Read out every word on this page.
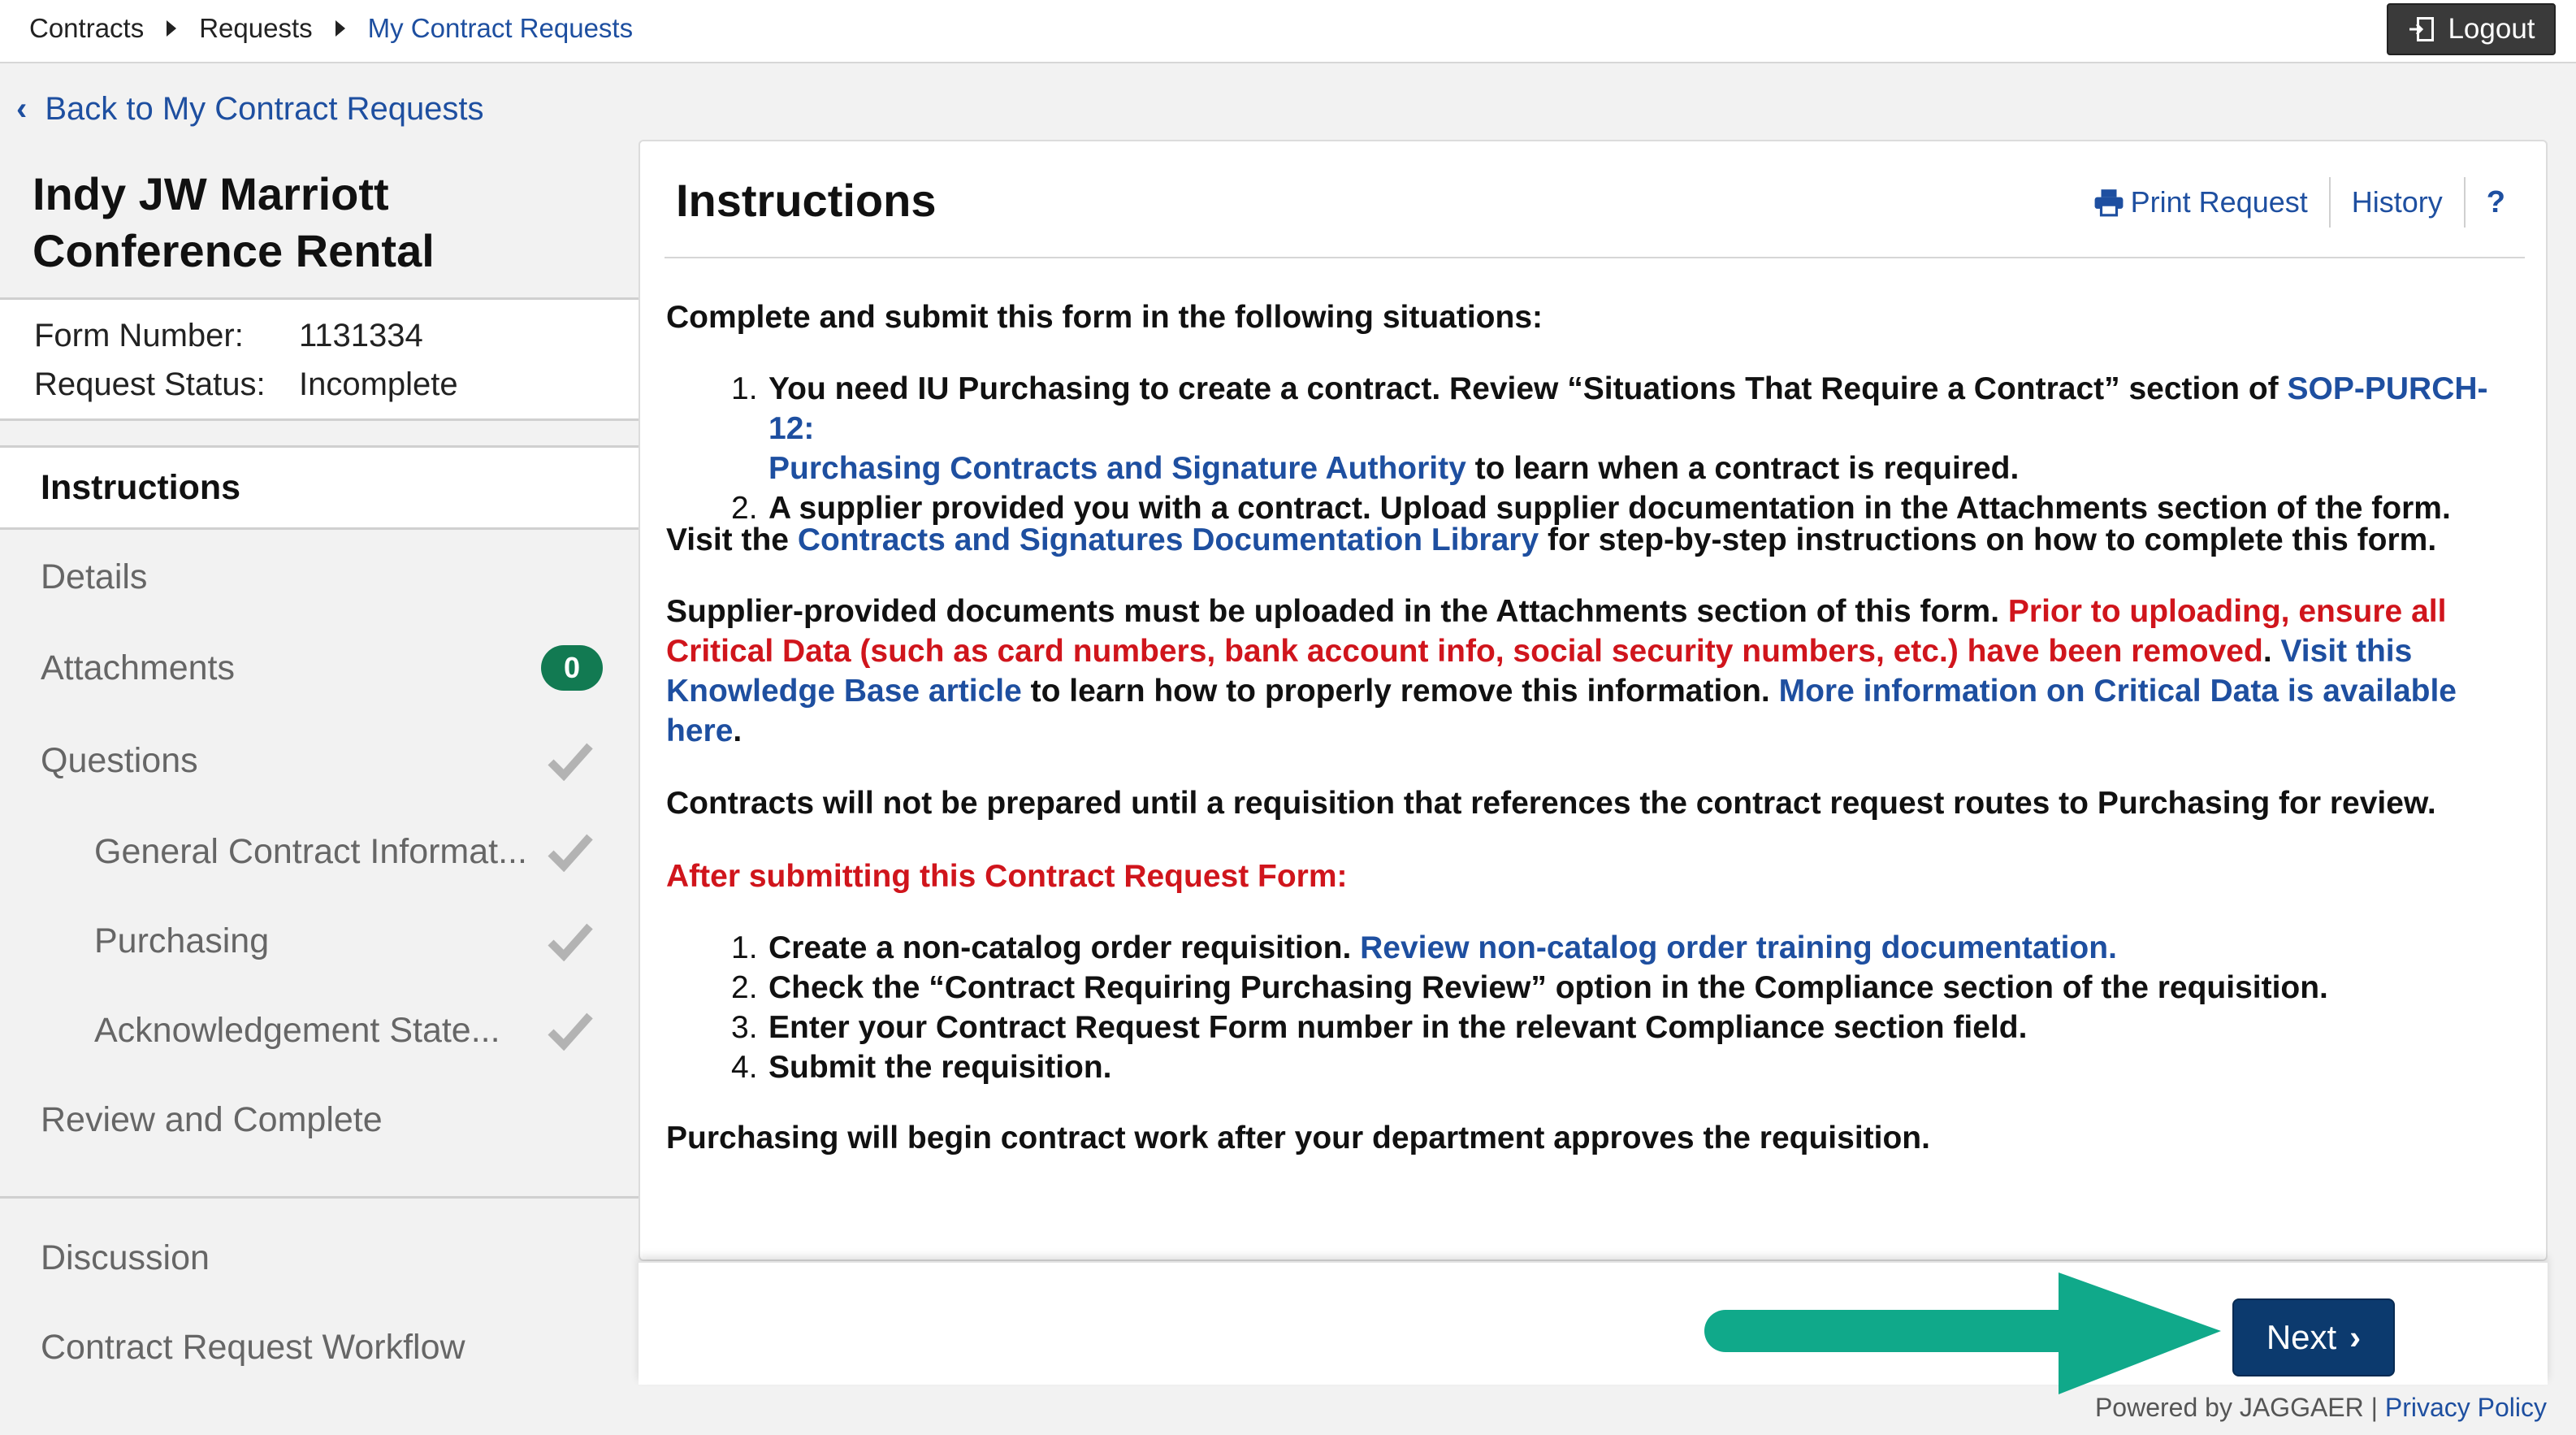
Contracts Requests My Contract Requests	Logout
‹ Back to My Contract Requests
Indy JW Marriott
Conference Rental
Form Number: 1131334
Request Status: Incomplete
Instructions
Details
Attachments	0
Questions
General Contract Informat...
Purchasing
Acknowledgement State...
Review and Complete
Discussion
Contract Request Workflow
Instructions	Print Request History ?

Complete and submit this form in the following situations:

1. You need IU Purchasing to create a contract. Review “Situations That Require a Contract” section of SOP-PURCH-12:
Purchasing Contracts and Signature Authority to learn when a contract is required.
2. A supplier provided you with a contract. Upload supplier documentation in the Attachments section of the form.

Visit the Contracts and Signatures Documentation Library for step-by-step instructions on how to complete this form.

Supplier-provided documents must be uploaded in the Attachments section of this form. Prior to uploading, ensure all
Critical Data (such as card numbers, bank account info, social security numbers, etc.) have been removed. Visit this
Knowledge Base article to learn how to properly remove this information. More information on Critical Data is available
here.

Contracts will not be prepared until a requisition that references the contract request routes to Purchasing for review.

After submitting this Contract Request Form:

1. Create a non-catalog order requisition. Review non-catalog order training documentation.
2. Check the “Contract Requiring Purchasing Review” option in the Compliance section of the requisition.
3. Enter your Contract Request Form number in the relevant Compliance section field.
4. Submit the requisition.

Purchasing will begin contract work after your department approves the requisition.

Next ›
Powered by JAGGAER | Privacy Policy
